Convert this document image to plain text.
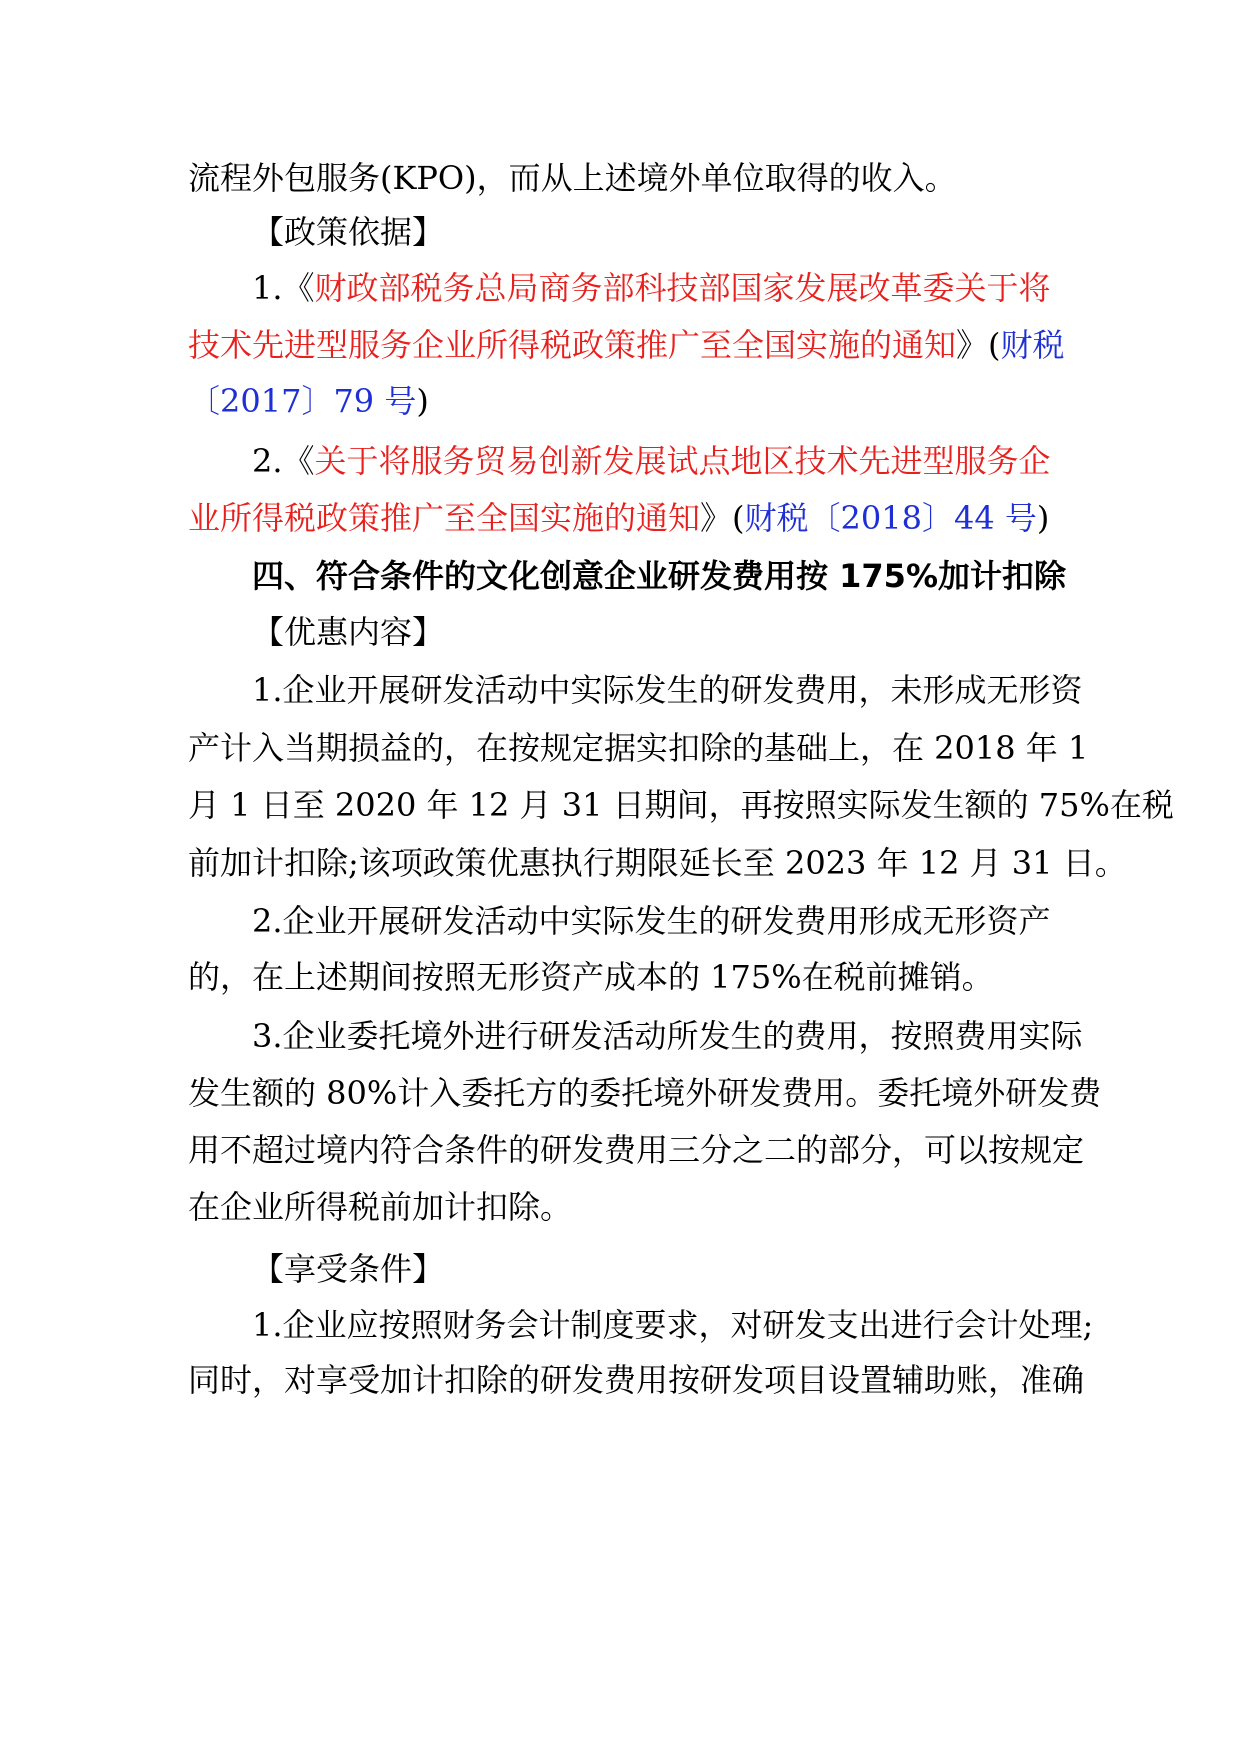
流程外包服务(KPO)，而从上述境外单位取得的收入。
【政策依据】
1.《财政部税务总局商务部科技部国家发展改革委关于将
技术先进型服务企业所得税政策推广至全国实施的通知》(财税
〔2017〕79 号)
2.《关于将服务贸易创新发展试点地区技术先进型服务企
业所得税政策推广至全国实施的通知》(财税〔2018〕44 号)
四、符合条件的文化创意企业研发费用按 175%加计扣除
【优惠内容】
1.企业开展研发活动中实际发生的研发费用，未形成无形资
产计入当期损益的，在按规定据实扣除的基础上，在 2018 年 1
月 1 日至 2020 年 12 月 31 日期间，再按照实际发生额的 75%在税
前加计扣除;该项政策优惠执行期限延长至 2023 年 12 月 31 日。
2.企业开展研发活动中实际发生的研发费用形成无形资产
的，在上述期间按照无形资产成本的 175%在税前摊销。
3.企业委托境外进行研发活动所发生的费用，按照费用实际
发生额的 80%计入委托方的委托境外研发费用。委托境外研发费
用不超过境内符合条件的研发费用三分之二的部分，可以按规定
在企业所得税前加计扣除。
【享受条件】
1.企业应按照财务会计制度要求，对研发支出进行会计处理;
同时，对享受加计扣除的研发费用按研发项目设置辅助账，准确
